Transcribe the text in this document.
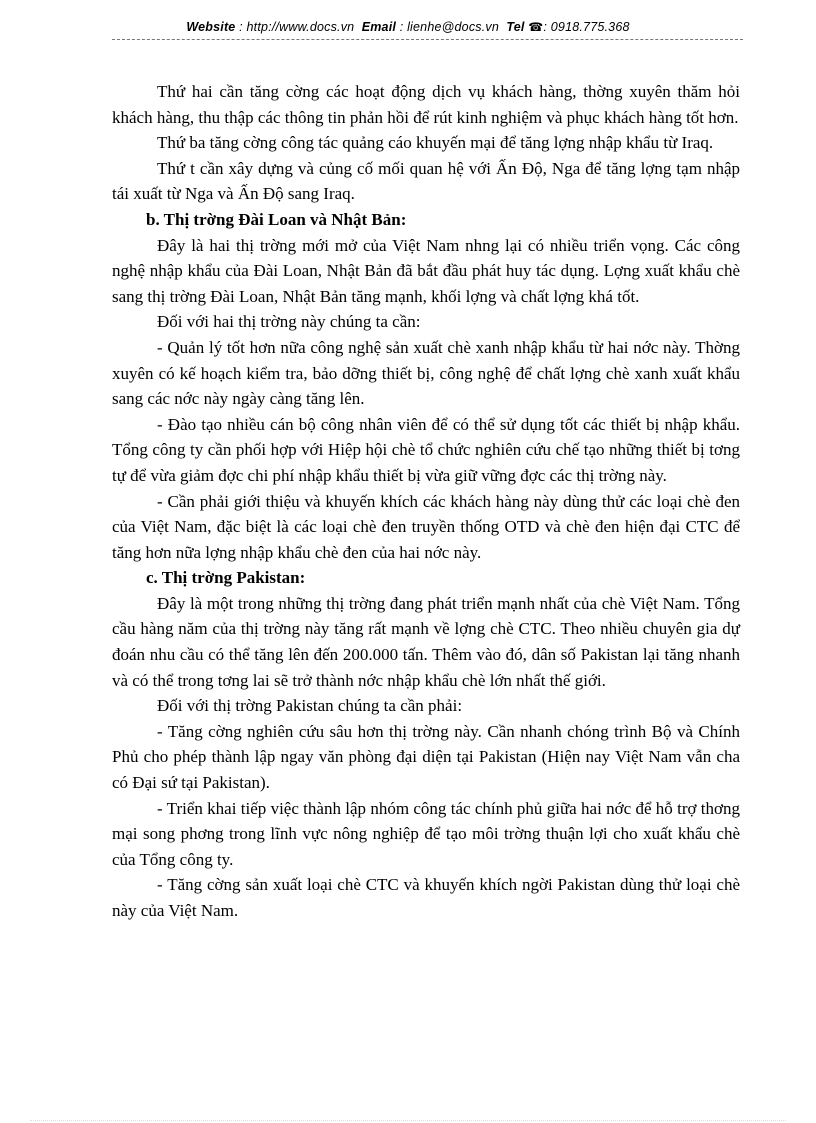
Website : http://www.docs.vn Email : lienhe@docs.vn Tel ☎: 0918.775.368

Thứ hai cần tăng cờng các hoạt động dịch vụ khách hàng, thờng xuyên thăm hỏi khách hàng, thu thập các thông tin phản hồi để rút kinh nghiệm và phục khách hàng tốt hơn.

Thứ ba tăng cờng công tác quảng cáo khuyến mại để tăng lợng nhập khẩu từ Iraq.

Thứ t cần xây dựng và củng cố mối quan hệ với Ấn Độ, Nga để tăng lợng tạm nhập tái xuất từ Nga và Ấn Độ sang Iraq.

b. Thị trờng Đài Loan và Nhật Bản:

Đây là hai thị trờng mới mở của Việt Nam nhng lại có nhiều triển vọng. Các công nghệ nhập khẩu của Đài Loan, Nhật Bản đã bắt đầu phát huy tác dụng. Lợng xuất khẩu chè sang thị trờng Đài Loan, Nhật Bản tăng mạnh, khối lợng và chất lợng khá tốt.

Đối với hai thị trờng này chúng ta cần:

- Quản lý tốt hơn nữa công nghệ sản xuất chè xanh nhập khẩu từ hai nớc này. Thờng xuyên có kế hoạch kiểm tra, bảo dỡng thiết bị, công nghệ để chất lợng chè xanh xuất khẩu sang các nớc này ngày càng tăng lên.

- Đào tạo nhiều cán bộ công nhân viên để có thể sử dụng tốt các thiết bị nhập khẩu. Tổng công ty cần phối hợp với Hiệp hội chè tổ chức nghiên cứu chế tạo những thiết bị tơng tự để vừa giảm đợc chi phí nhập khẩu thiết bị vừa giữ vững đợc các thị trờng này.

- Cần phải giới thiệu và khuyến khích các khách hàng này dùng thử các loại chè đen của Việt Nam, đặc biệt là các loại chè đen truyền thống OTD và chè đen hiện đại CTC để tăng hơn nữa lợng nhập khẩu chè đen của hai nớc này.

c. Thị trờng Pakistan:

Đây là một trong những thị trờng đang phát triển mạnh nhất của chè Việt Nam. Tổng cầu hàng năm của thị trờng này tăng rất mạnh về lợng chè CTC. Theo nhiều chuyên gia dự đoán nhu cầu có thể tăng lên đến 200.000 tấn. Thêm vào đó, dân số Pakistan lại tăng nhanh và có thể trong tơng lai sẽ trở thành nớc nhập khẩu chè lớn nhất thế giới.

Đối với thị trờng Pakistan chúng ta cần phải:

- Tăng cờng nghiên cứu sâu hơn thị trờng này. Cần nhanh chóng trình Bộ và Chính Phủ cho phép thành lập ngay văn phòng đại diện tại Pakistan (Hiện nay Việt Nam vẫn cha có Đại sứ tại Pakistan).

- Triển khai tiếp việc thành lập nhóm công tác chính phủ giữa hai nớc để hỗ trợ thơng mại song phơng trong lĩnh vực nông nghiệp để tạo môi trờng thuận lợi cho xuất khẩu chè của Tổng công ty.

- Tăng cờng sản xuất loại chè CTC và khuyến khích ngời Pakistan dùng thử loại chè này của Việt Nam.
